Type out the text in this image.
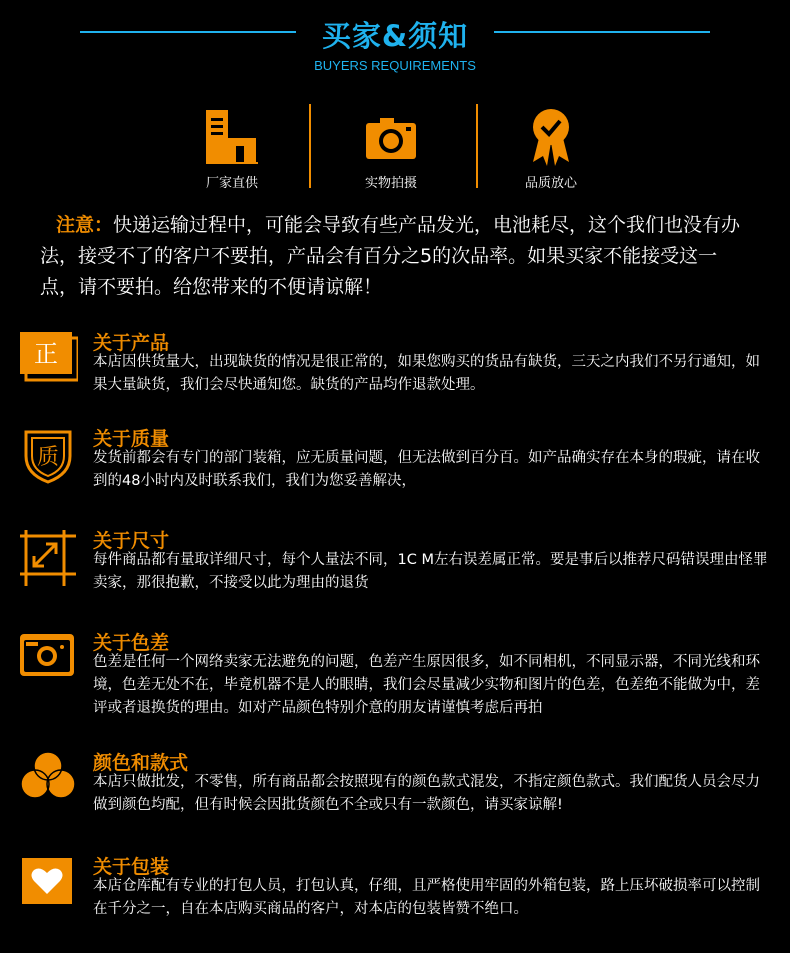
买家&须知
BUYERS REQUIREMENTS
厂家直供	实物拍摄	品质放心
注意：快递运输过程中，可能会导致有些产品发光，电池耗尽，这个我们也没有办法，接受不了的客户不要拍，产品会有百分之5的次品率。如果买家不能接受这一点，请不要拍。给您带来的不便请谅解！
正 关于产品
本店因供货量大，出现缺货的情况是很正常的，如果您购买的货品有缺货，三天之内我们不另行通知，如果大量缺货，我们会尽快通知您。缺货的产品均作退款处理。
质
关于质量
发货前都会有专门的部门装箱，应无质量问题，但无法做到百分百。如产品确实存在本身的瑕疵，请在收到的48小时内及时联系我们，我们为您妥善解决，
关于尺寸
每件商品都有量取详细尺寸，每个人量法不同，1C M左右误差属正常。要是事后以推荐尺码错误理由怪罪卖家，那很抱歉，不接受以此为理由的退货
关于色差
色差是任何一个网络卖家无法避免的问题，色差产生原因很多，如不同相机，不同显示器，不同光线和环境，色差无处不在，毕竟机器不是人的眼睛，我们会尽量减少实物和图片的色差，色差绝不能做为中，差评或者退换货的理由。如对产品颜色特别介意的朋友请谨慎考虑后再拍
颜色和款式
本店只做批发，不零售，所有商品都会按照现有的颜色款式混发，不指定颜色款式。我们配货人员会尽力做到颜色均配，但有时候会因批货颜色不全或只有一款颜色，请买家谅解!
关于包装
本店仓库配有专业的打包人员，打包认真，仔细，且严格使用牢固的外箱包装，路上压坏破损率可以控制在千分之一，自在本店购买商品的客户，对本店的包装皆赞不绝口。
